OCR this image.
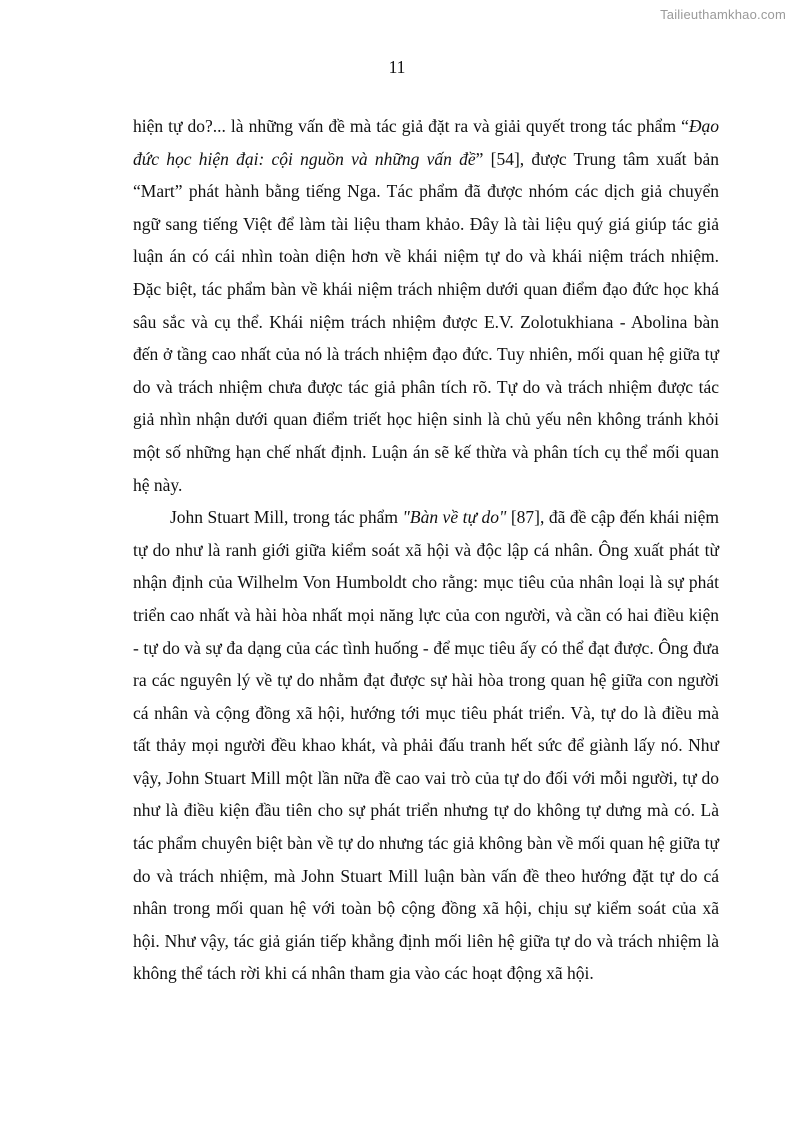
Tailieuthamkhao.com
11

hiện tự do?... là những vấn đề mà tác giả đặt ra và giải quyết trong tác phẩm “Đạo đức học hiện đại: cội nguồn và những vấn đề” [54], được Trung tâm xuất bản “Mart” phát hành bằng tiếng Nga. Tác phẩm đã được nhóm các dịch giả chuyển ngữ sang tiếng Việt để làm tài liệu tham khảo. Đây là tài liệu quý giá giúp tác giả luận án có cái nhìn toàn diện hơn về khái niệm tự do và khái niệm trách nhiệm. Đặc biệt, tác phẩm bàn về khái niệm trách nhiệm dưới quan điểm đạo đức học khá sâu sắc và cụ thể. Khái niệm trách nhiệm được E.V. Zolotukhiana - Abolina bàn đến ở tầng cao nhất của nó là trách nhiệm đạo đức. Tuy nhiên, mối quan hệ giữa tự do và trách nhiệm chưa được tác giả phân tích rõ. Tự do và trách nhiệm được tác giả nhìn nhận dưới quan điểm triết học hiện sinh là chủ yếu nên không tránh khỏi một số những hạn chế nhất định. Luận án sẽ kế thừa và phân tích cụ thể mối quan hệ này.

John Stuart Mill, trong tác phẩm "Bàn về tự do" [87], đã đề cập đến khái niệm tự do như là ranh giới giữa kiểm soát xã hội và độc lập cá nhân. Ông xuất phát từ nhận định của Wilhelm Von Humboldt cho rằng: mục tiêu của nhân loại là sự phát triển cao nhất và hài hòa nhất mọi năng lực của con người, và cần có hai điều kiện - tự do và sự đa dạng của các tình huống - để mục tiêu ấy có thể đạt được. Ông đưa ra các nguyên lý về tự do nhằm đạt được sự hài hòa trong quan hệ giữa con người cá nhân và cộng đồng xã hội, hướng tới mục tiêu phát triển. Và, tự do là điều mà tất thảy mọi người đều khao khát, và phải đấu tranh hết sức để giành lấy nó. Như vậy, John Stuart Mill một lần nữa đề cao vai trò của tự do đối với mỗi người, tự do như là điều kiện đầu tiên cho sự phát triển nhưng tự do không tự dưng mà có. Là tác phẩm chuyên biệt bàn về tự do nhưng tác giả không bàn về mối quan hệ giữa tự do và trách nhiệm, mà John Stuart Mill luận bàn vấn đề theo hướng đặt tự do cá nhân trong mối quan hệ với toàn bộ cộng đồng xã hội, chịu sự kiểm soát của xã hội. Như vậy, tác giả gián tiếp khẳng định mối liên hệ giữa tự do và trách nhiệm là không thể tách rời khi cá nhân tham gia vào các hoạt động xã hội.
